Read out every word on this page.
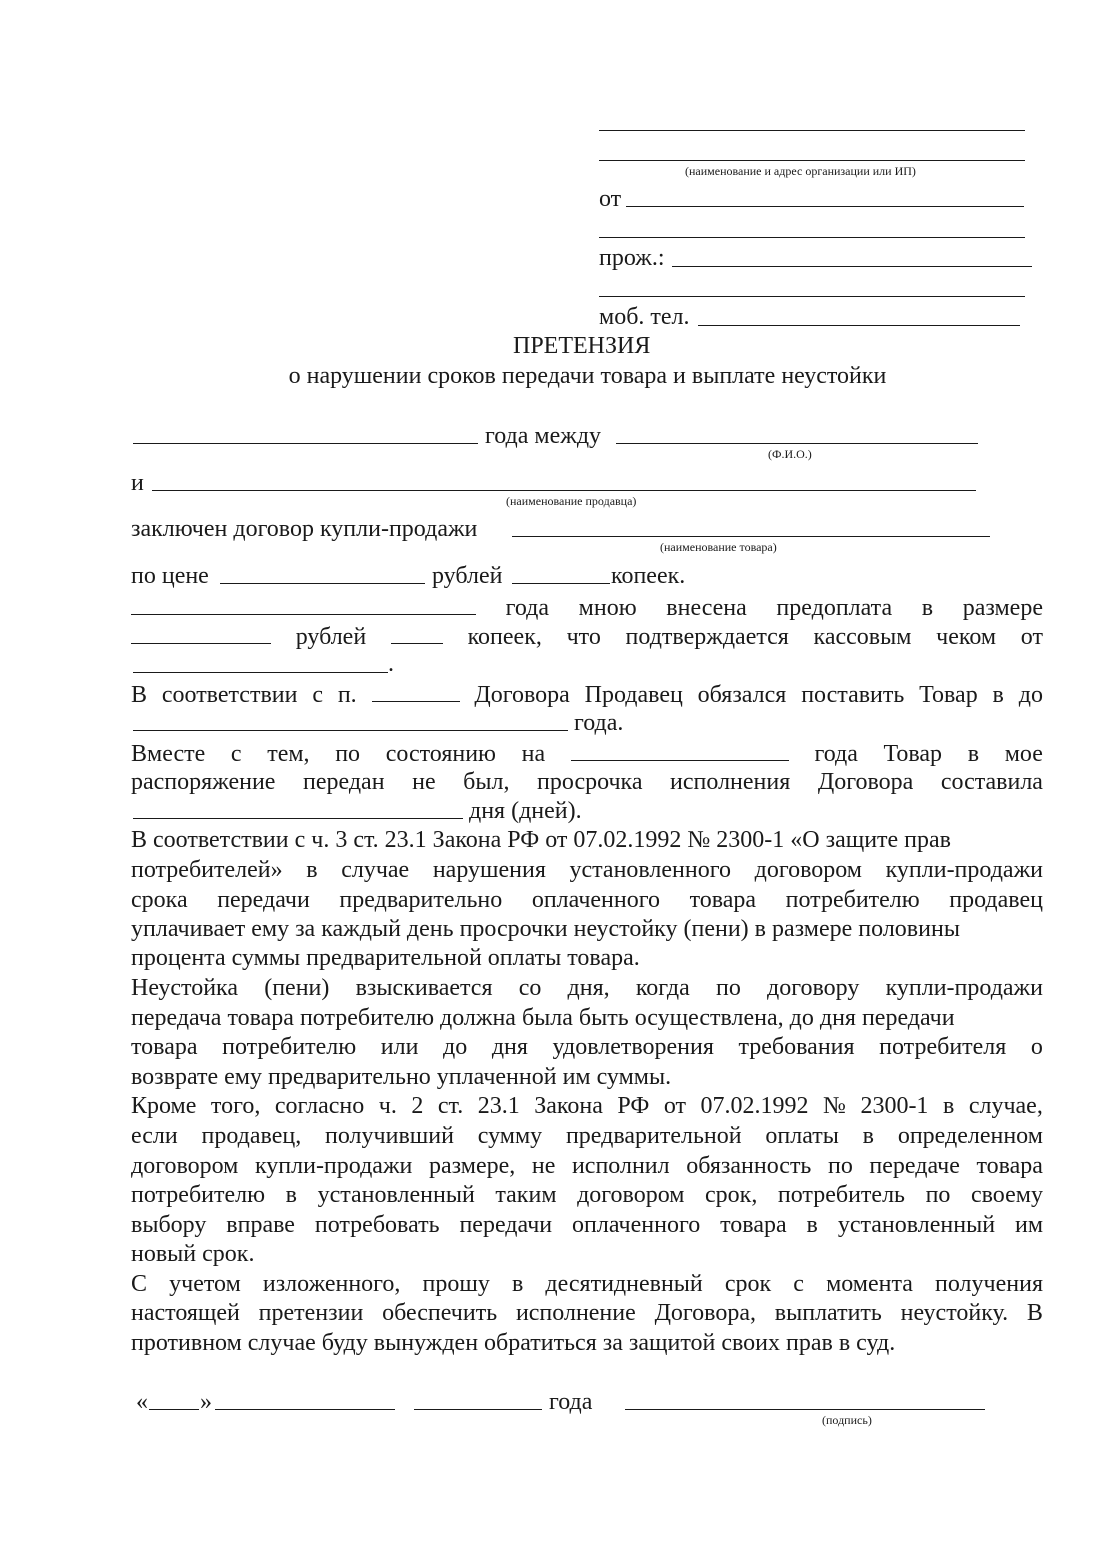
(наименование и адрес организации или ИП)
от
прож.:
моб. тел.
ПРЕТЕНЗИЯ
о нарушении сроков передачи товара и выплате неустойки
года между
(Ф.И.О.)
и
(наименование продавца)
заключен договор купли-продажи
(наименование товара)
по цене	рублей	копеек.
года мною внесена предоплата в размере
рублей	копеек, что подтверждается кассовым чеком от
.
В соответствии с п.	Договора Продавец обязался поставить Товар в до
года.
Вместе с тем, по состоянию на	года Товар в мое
распоряжение передан не был, просрочка исполнения Договора составила
дня (дней).
В соответствии с ч. 3 ст. 23.1 Закона РФ от 07.02.1992 № 2300-1 «О защите прав
потребителей» в случае нарушения установленного договором купли-продажи
срока передачи предварительно оплаченного товара потребителю продавец
уплачивает ему за каждый день просрочки неустойку (пени) в размере половины
процента суммы предварительной оплаты товара.
Неустойка (пени) взыскивается со дня, когда по договору купли-продажи
передача товара потребителю должна была быть осуществлена, до дня передачи
товара потребителю или до дня удовлетворения требования потребителя о
возврате ему предварительно уплаченной им суммы.
Кроме того, согласно ч. 2 ст. 23.1 Закона РФ от 07.02.1992 № 2300-1 в случае,
если продавец, получивший сумму предварительной оплаты в определенном
договором купли-продажи размере, не исполнил обязанность по передаче товара
потребителю в установленный таким договором срок, потребитель по своему
выбору вправе потребовать передачи оплаченного товара в установленный им
новый срок.
С учетом изложенного, прошу в десятидневный срок с момента получения
настоящей претензии обеспечить исполнение Договора, выплатить неустойку. В
противном случае буду вынужден обратиться за защитой своих прав в суд.
« »	года
(подпись)
